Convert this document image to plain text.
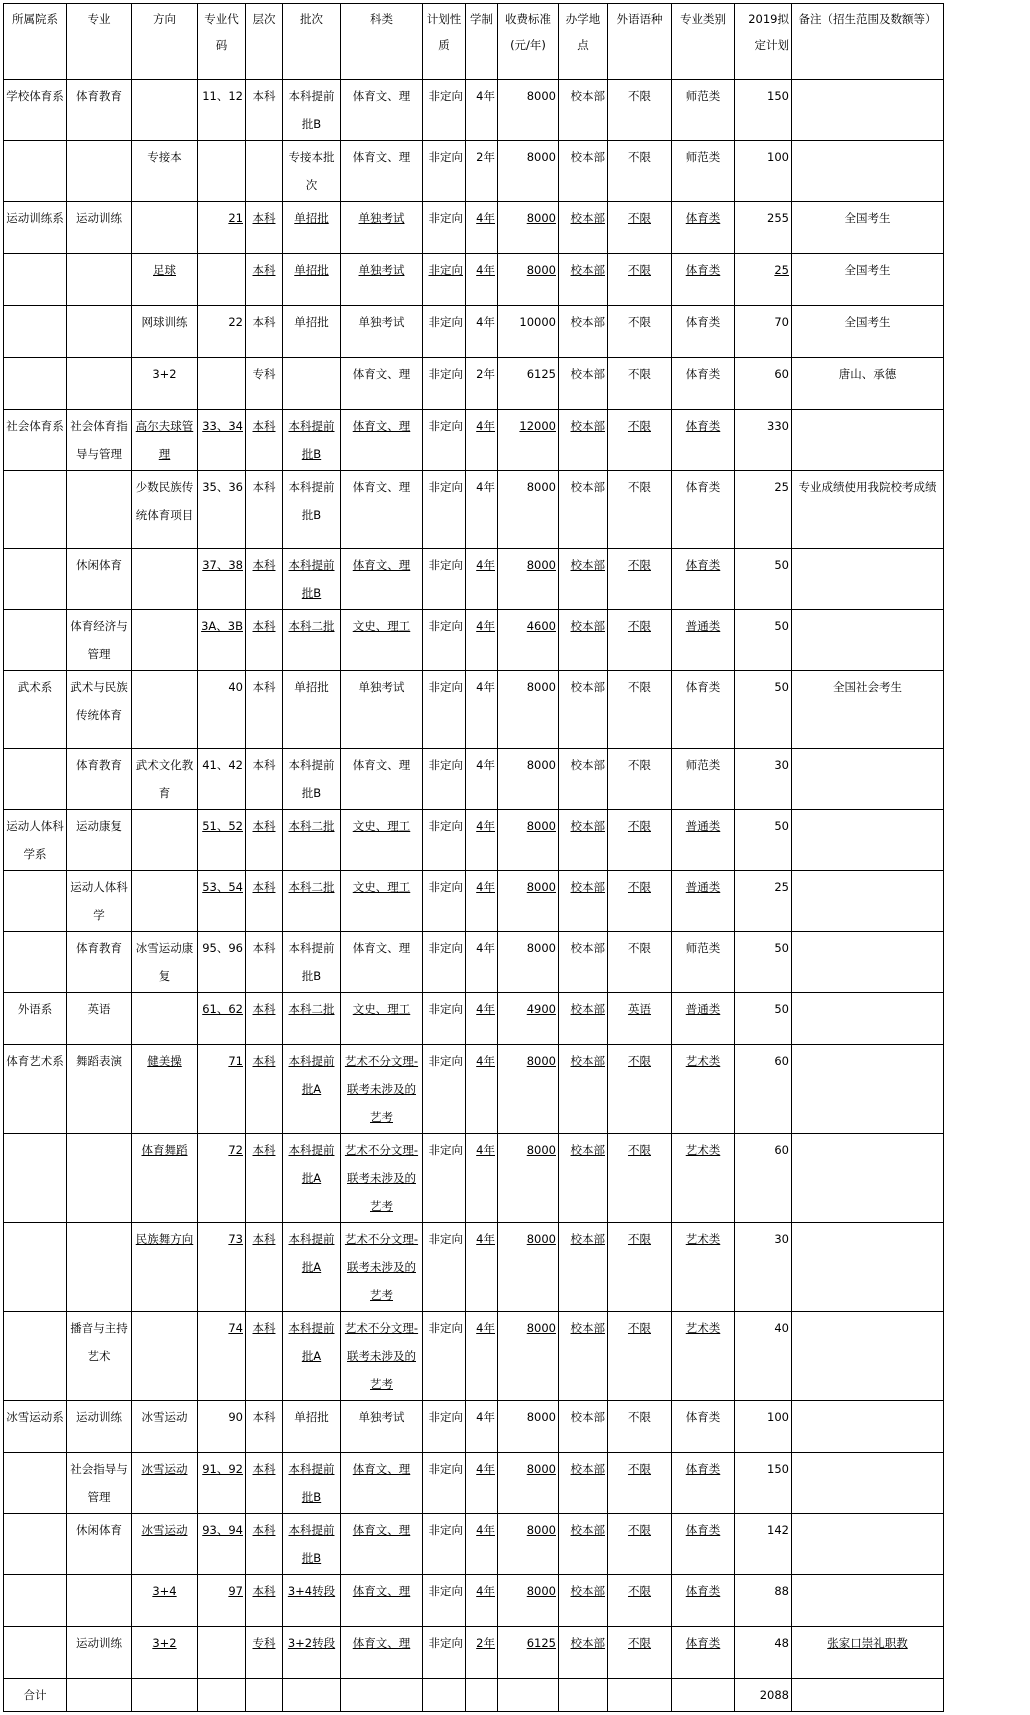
所属院系	专业	方向	专业代码	层次	批次	科类	计划性质	学制	收费标准(元/年)	办学地点	外语语种	专业类别	2019拟定计划	备注（招生范围及数额等）
学校体育系	体育教育		11、12	本科	本科提前批B	体育文、理	非定向	4年	8000	校本部	不限	师范类	150	
		专接本			专接本批次	体育文、理	非定向	2年	8000	校本部	不限	师范类	100	
运动训练系	运动训练		21	本科	单招批	单独考试	非定向	4年	8000	校本部	不限	体育类	255	全国考生
		足球		本科	单招批	单独考试	非定向	4年	8000	校本部	不限	体育类	25	全国考生
		网球训练	22	本科	单招批	单独考试	非定向	4年	10000	校本部	不限	体育类	70	全国考生
		3+2		专科		体育文、理	非定向	2年	6125	校本部	不限	体育类	60	唐山、承德
社会体育系	社会体育指导与管理	高尔夫球管理	33、34	本科	本科提前批B	体育文、理	非定向	4年	12000	校本部	不限	体育类	330	
		少数民族传统体育项目	35、36	本科	本科提前批B	体育文、理	非定向	4年	8000	校本部	不限	体育类	25	专业成绩使用我院校考成绩
	休闲体育		37、38	本科	本科提前批B	体育文、理	非定向	4年	8000	校本部	不限	体育类	50	
	体育经济与管理		3A、3B	本科	本科二批	文史、理工	非定向	4年	4600	校本部	不限	普通类	50	
武术系	武术与民族传统体育		40	本科	单招批	单独考试	非定向	4年	8000	校本部	不限	体育类	50	全国社会考生
	体育教育	武术文化教育	41、42	本科	本科提前批B	体育文、理	非定向	4年	8000	校本部	不限	师范类	30	
运动人体科学系	运动康复		51、52	本科	本科二批	文史、理工	非定向	4年	8000	校本部	不限	普通类	50	
	运动人体科学		53、54	本科	本科二批	文史、理工	非定向	4年	8000	校本部	不限	普通类	25	
	体育教育	冰雪运动康复	95、96	本科	本科提前批B	体育文、理	非定向	4年	8000	校本部	不限	师范类	50	
外语系	英语		61、62	本科	本科二批	文史、理工	非定向	4年	4900	校本部	英语	普通类	50	
体育艺术系	舞蹈表演	健美操	71	本科	本科提前批A	艺术不分文理-联考未涉及的艺考	非定向	4年	8000	校本部	不限	艺术类	60	
		体育舞蹈	72	本科	本科提前批A	艺术不分文理-联考未涉及的艺考	非定向	4年	8000	校本部	不限	艺术类	60	
		民族舞方向	73	本科	本科提前批A	艺术不分文理-联考未涉及的艺考	非定向	4年	8000	校本部	不限	艺术类	30	
	播音与主持艺术		74	本科	本科提前批A	艺术不分文理-联考未涉及的艺考	非定向	4年	8000	校本部	不限	艺术类	40	
冰雪运动系	运动训练	冰雪运动	90	本科	单招批	单独考试	非定向	4年	8000	校本部	不限	体育类	100	
	社会指导与管理	冰雪运动	91、92	本科	本科提前批B	体育文、理	非定向	4年	8000	校本部	不限	体育类	150	
	休闲体育	冰雪运动	93、94	本科	本科提前批B	体育文、理	非定向	4年	8000	校本部	不限	体育类	142	
		3+4	97	本科	3+4转段	体育文、理	非定向	4年	8000	校本部	不限	体育类	88	
	运动训练	3+2		专科	3+2转段	体育文、理	非定向	2年	6125	校本部	不限	体育类	48	张家口崇礼职教
合计													2088	
